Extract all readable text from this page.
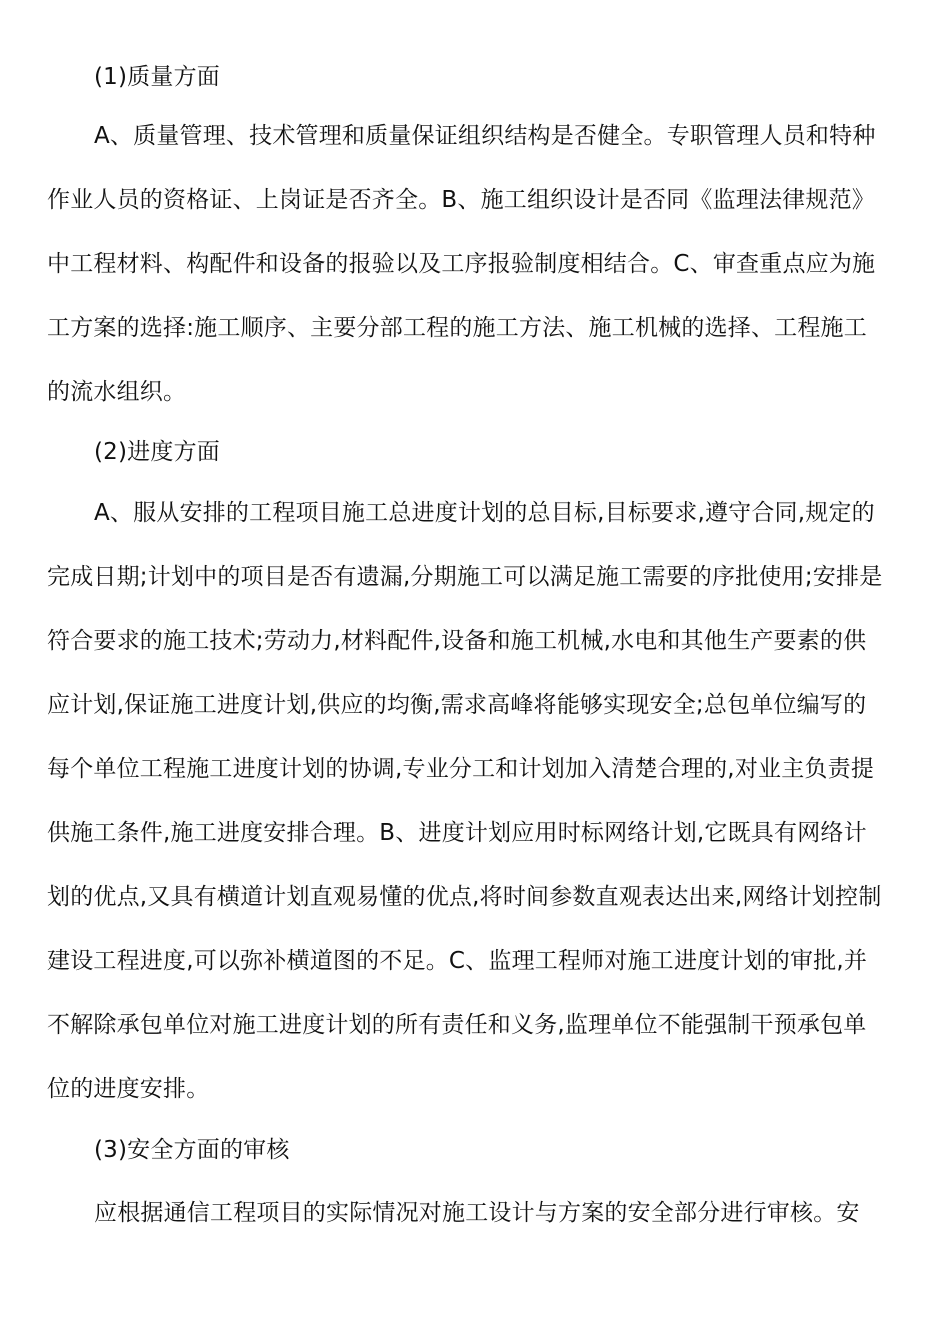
(1)质量方面
A、质量管理、技术管理和质量保证组织结构是否健全。专职管理人员和特种
作业人员的资格证、上岗证是否齐全。B、施工组织设计是否同《监理法律规范》
中工程材料、构配件和设备的报验以及工序报验制度相结合。C、审查重点应为施
工方案的选择:施工顺序、主要分部工程的施工方法、施工机械的选择、工程施工
的流水组织。
(2)进度方面
A、服从安排的工程项目施工总进度计划的总目标,目标要求,遵守合同,规定的
完成日期;计划中的项目是否有遗漏,分期施工可以满足施工需要的序批使用;安排是
符合要求的施工技术;劳动力,材料配件,设备和施工机械,水电和其他生产要素的供
应计划,保证施工进度计划,供应的均衡,需求高峰将能够实现安全;总包单位编写的
每个单位工程施工进度计划的协调,专业分工和计划加入清楚合理的,对业主负责提
供施工条件,施工进度安排合理。B、进度计划应用时标网络计划,它既具有网络计
划的优点,又具有横道计划直观易懂的优点,将时间参数直观表达出来,网络计划控制
建设工程进度,可以弥补横道图的不足。C、监理工程师对施工进度计划的审批,并
不解除承包单位对施工进度计划的所有责任和义务,监理单位不能强制干预承包单
位的进度安排。
(3)安全方面的审核
应根据通信工程项目的实际情况对施工设计与方案的安全部分进行审核。安
